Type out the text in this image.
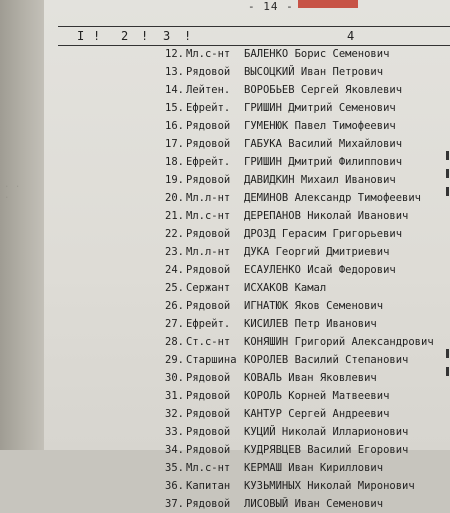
. .
.
- 14 -
I ! 2 ! 3 !	4
12. Мл.с-нт БАЛЕНКО Борис Семенович
13. Рядовой ВЫСОЦКИЙ Иван Петрович
14. Лейтен. ВОРОБЬЕВ Сергей Яковлевич
15. Ефрейт. ГРИШИН Дмитрий Семенович
16. Рядовой ГУМЕНЮК Павел Тимофеевич
17. Рядовой ГАБУКА Василий Михайлович
18. Ефрейт. ГРИШИН Дмитрий Филиппович
19. Рядовой ДАВИДКИН Михаил Иванович
20. Мл.л-нт ДЕМИНОВ Александр Тимофеевич
21. Мл.с-нт ДЕРЕПАНОВ Николай Иванович
22. Рядовой ДРОЗД Герасим Григорьевич
23. Мл.л-нт ДУКА Георгий Дмитриевич
24. Рядовой ЕСАУЛЕНКО Исай Федорович
25. Сержант ИСХАКОВ Камал
26. Рядовой ИГНАТЮК Яков Семенович
27. Ефрейт. КИСИЛЕВ Петр Иванович
28. Ст.с-нт КОНЯШИН Григорий Александрович
29. Старшина КОРОЛЕВ Василий Степанович
30. Рядовой КОВАЛЬ Иван Яковлевич
31. Рядовой КОРОЛЬ Корней Матвеевич
32. Рядовой КАНТУР Сергей Андреевич
33. Рядовой КУЦИЙ Николай Илларионович
34. Рядовой КУДРЯВЦЕВ Василий Егорович
35. Мл.с-нт КЕРМАШ Иван Кириллович
36. Капитан КУЗЬМИНЫХ Николай Миронович
37. Рядовой ЛИСОВЫЙ Иван Семенович
